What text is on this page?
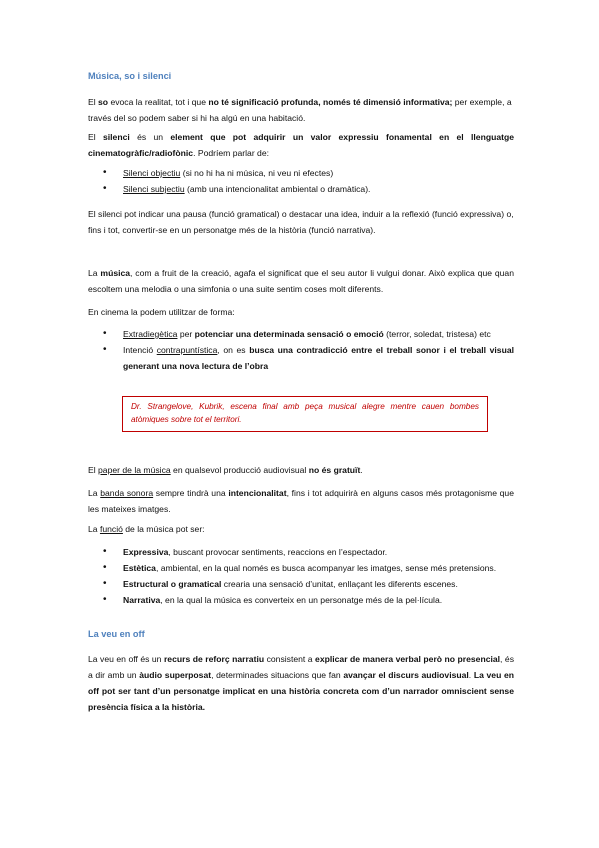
Música, so i silenci

El so evoca la realitat, tot i que no té significació profunda, només té dimensió informativa; per exemple, a través del so podem saber si hi ha algú en una habitació.

El silenci és un element que pot adquirir un valor expressiu fonamental en el llenguatge cinematogràfic/radiofònic. Podríem parlar de:

• Silenci objectiu (si no hi ha ni música, ni veu ni efectes)
• Silenci subjectiu (amb una intencionalitat ambiental o dramàtica).

El silenci pot indicar una pausa (funció gramatical) o destacar una idea, induir a la reflexió (funció expressiva) o, fins i tot, convertir-se en un personatge més de la història (funció narrativa).

La música, com a fruit de la creació, agafa el significat que el seu autor li vulgui donar. Això explica que quan escoltem una melodia o una simfonia o una suite sentim coses molt diferents.

En cinema la podem utilitzar de forma:

• Extradiegètica per potenciar una determinada sensació o emoció (terror, soledat, tristesa) etc
• Intenció contrapuntística, on es busca una contradicció entre el treball sonor i el treball visual generant una nova lectura de l’obra
Dr. Strangelove, Kubrik, escena final amb peça musical alegre mentre cauen bombes atòmiques sobre tot el territori.

El paper de la música en qualsevol producció audiovisual no és gratuït.

La banda sonora sempre tindrà una intencionalitat, fins i tot adquirirà en alguns casos més protagonisme que les mateixes imatges.

La funció de la música pot ser:

• Expressiva, buscant provocar sentiments, reaccions en l’espectador.
• Estètica, ambiental, en la qual només es busca acompanyar les imatges, sense més pretensions.
• Estructural o gramatical crearia una sensació d’unitat, enllaçant les diferents escenes.
• Narrativa, en la qual la música es converteix en un personatge més de la pel·lícula.
La veu en off

La veu en off és un recurs de reforç narratiu consistent a explicar de manera verbal però no presencial, és a dir amb un àudio superposat, determinades situacions que fan avançar el discurs audiovisual. La veu en off pot ser tant d’un personatge implicat en una història concreta com d’un narrador omniscient sense presència física a la història.
